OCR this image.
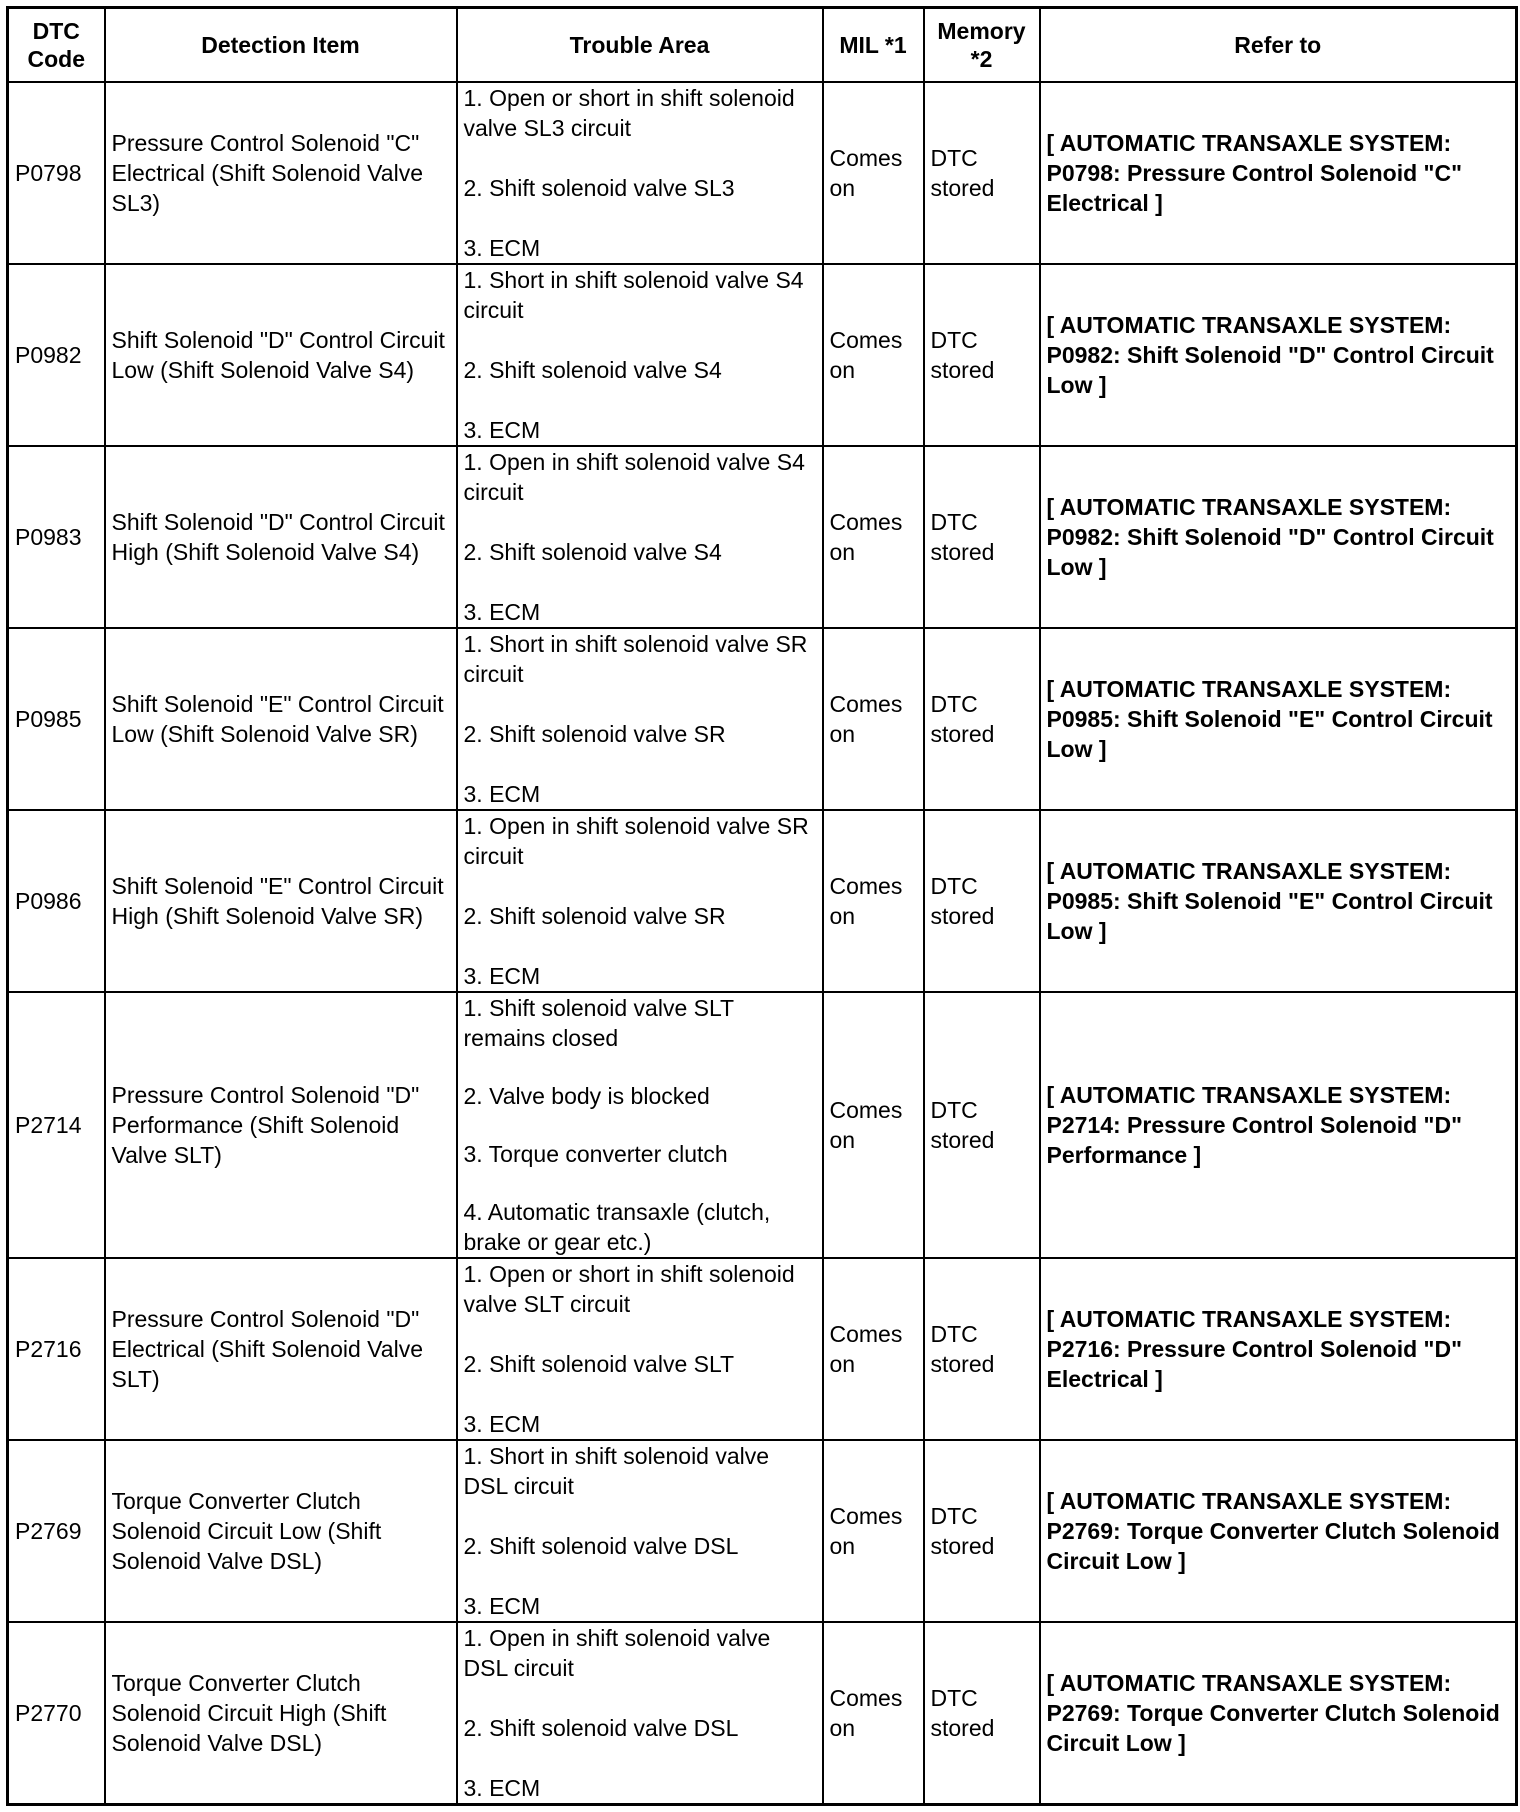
DTC Code	Detection Item	Trouble Area	MIL *1	Memory *2	Refer to
P0798	Pressure Control Solenoid "C" Electrical (Shift Solenoid Valve SL3)	1. Open or short in shift solenoid valve SL3 circuit
2. Shift solenoid valve SL3
3. ECM	Comes on	DTC stored	[ AUTOMATIC TRANSAXLE SYSTEM: P0798: Pressure Control Solenoid "C" Electrical ]
P0982	Shift Solenoid "D" Control Circuit Low (Shift Solenoid Valve S4)	1. Short in shift solenoid valve S4 circuit
2. Shift solenoid valve S4
3. ECM	Comes on	DTC stored	[ AUTOMATIC TRANSAXLE SYSTEM: P0982: Shift Solenoid "D" Control Circuit Low ]
P0983	Shift Solenoid "D" Control Circuit High (Shift Solenoid Valve S4)	1. Open in shift solenoid valve S4 circuit
2. Shift solenoid valve S4
3. ECM	Comes on	DTC stored	[ AUTOMATIC TRANSAXLE SYSTEM: P0982: Shift Solenoid "D" Control Circuit Low ]
P0985	Shift Solenoid "E" Control Circuit Low (Shift Solenoid Valve SR)	1. Short in shift solenoid valve SR circuit
2. Shift solenoid valve SR
3. ECM	Comes on	DTC stored	[ AUTOMATIC TRANSAXLE SYSTEM: P0985: Shift Solenoid "E" Control Circuit Low ]
P0986	Shift Solenoid "E" Control Circuit High (Shift Solenoid Valve SR)	1. Open in shift solenoid valve SR circuit
2. Shift solenoid valve SR
3. ECM	Comes on	DTC stored	[ AUTOMATIC TRANSAXLE SYSTEM: P0985: Shift Solenoid "E" Control Circuit Low ]
P2714	Pressure Control Solenoid "D" Performance (Shift Solenoid Valve SLT)	1. Shift solenoid valve SLT remains closed
2. Valve body is blocked
3. Torque converter clutch
4. Automatic transaxle (clutch, brake or gear etc.)	Comes on	DTC stored	[ AUTOMATIC TRANSAXLE SYSTEM: P2714: Pressure Control Solenoid "D" Performance ]
P2716	Pressure Control Solenoid "D" Electrical (Shift Solenoid Valve SLT)	1. Open or short in shift solenoid valve SLT circuit
2. Shift solenoid valve SLT
3. ECM	Comes on	DTC stored	[ AUTOMATIC TRANSAXLE SYSTEM: P2716: Pressure Control Solenoid "D" Electrical ]
P2769	Torque Converter Clutch Solenoid Circuit Low (Shift Solenoid Valve DSL)	1. Short in shift solenoid valve DSL circuit
2. Shift solenoid valve DSL
3. ECM	Comes on	DTC stored	[ AUTOMATIC TRANSAXLE SYSTEM: P2769: Torque Converter Clutch Solenoid Circuit Low ]
P2770	Torque Converter Clutch Solenoid Circuit High (Shift Solenoid Valve DSL)	1. Open in shift solenoid valve DSL circuit
2. Shift solenoid valve DSL
3. ECM	Comes on	DTC stored	[ AUTOMATIC TRANSAXLE SYSTEM: P2769: Torque Converter Clutch Solenoid Circuit Low ]
